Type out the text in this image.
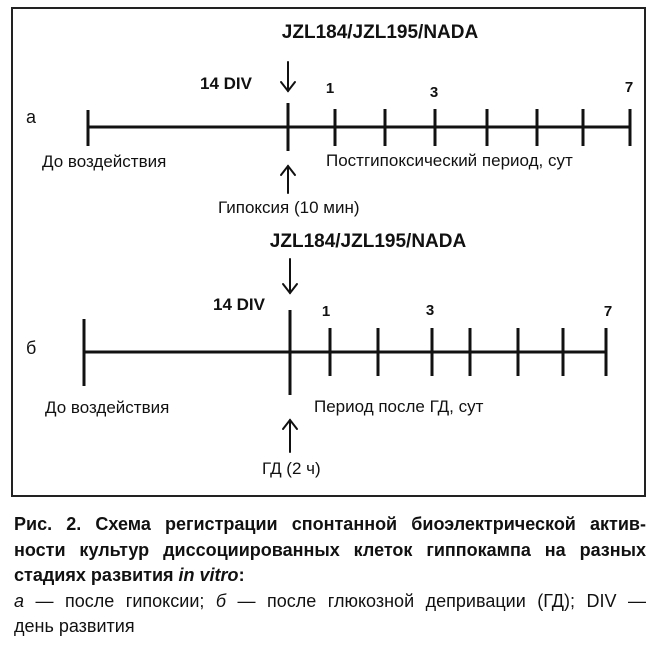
JZL184/JZL195/NADA
14 DIV	1	3	7
а
До воздействия	Постгипоксический период, сут
Гипоксия (10 мин)
JZL184/JZL195/NADA
14 DIV	1	3	7
б
До воздействия	Период после ГД, сут
ГД (2 ч)
Рис. 2. Схема регистрации спонтанной биоэлектрической актив-
ности культур диссоциированных клеток гиппокампа на разных
стадиях развития in vitro:
а — после гипоксии; б — после глюкозной депривации (ГД); DIV —
день развития
